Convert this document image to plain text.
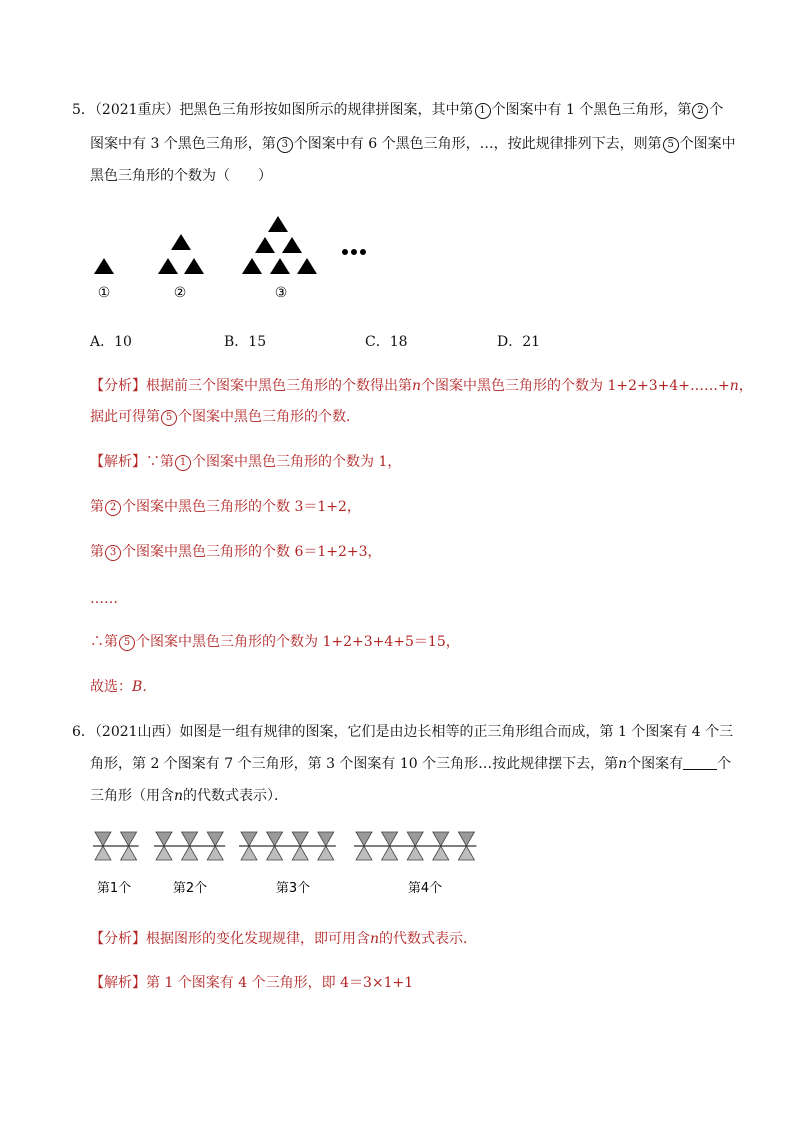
5．（2021重庆）把黑色三角形按如图所示的规律拼图案，其中第 1 个图案中有 1 个黑色三角形，第 2 个
图案中有 3 个黑色三角形，第 3 个图案中有 6 个黑色三角形，…，按此规律排列下去，则第 5 个图案中
黑色三角形的个数为（　　）
①	②	③
A．10	B．15	C．18	D．21
【分析】根据前三个图案中黑色三角形的个数得出第n个图案中黑色三角形的个数为 1+2+3+4+……+n，
据此可得第 5 个图案中黑色三角形的个数．
【解析】∵第 1 个图案中黑色三角形的个数为 1，
第 2 个图案中黑色三角形的个数 3＝1+2，
第 3 个图案中黑色三角形的个数 6＝1+2+3，
……
∴第 5 个图案中黑色三角形的个数为 1+2+3+4+5＝15，
故选：B．
6．（2021山西）如图是一组有规律的图案，它们是由边长相等的正三角形组合而成，第 1 个图案有 4 个三
角形，第 2 个图案有 7 个三角形，第 3 个图案有 10 个三角形…按此规律摆下去，第n个图案有 个
三角形（用含n的代数式表示）．
第1个	第2个	第3个	第4个
【分析】根据图形的变化发现规律，即可用含n的代数式表示．
【解析】第 1 个图案有 4 个三角形，即 4＝3×1+1
